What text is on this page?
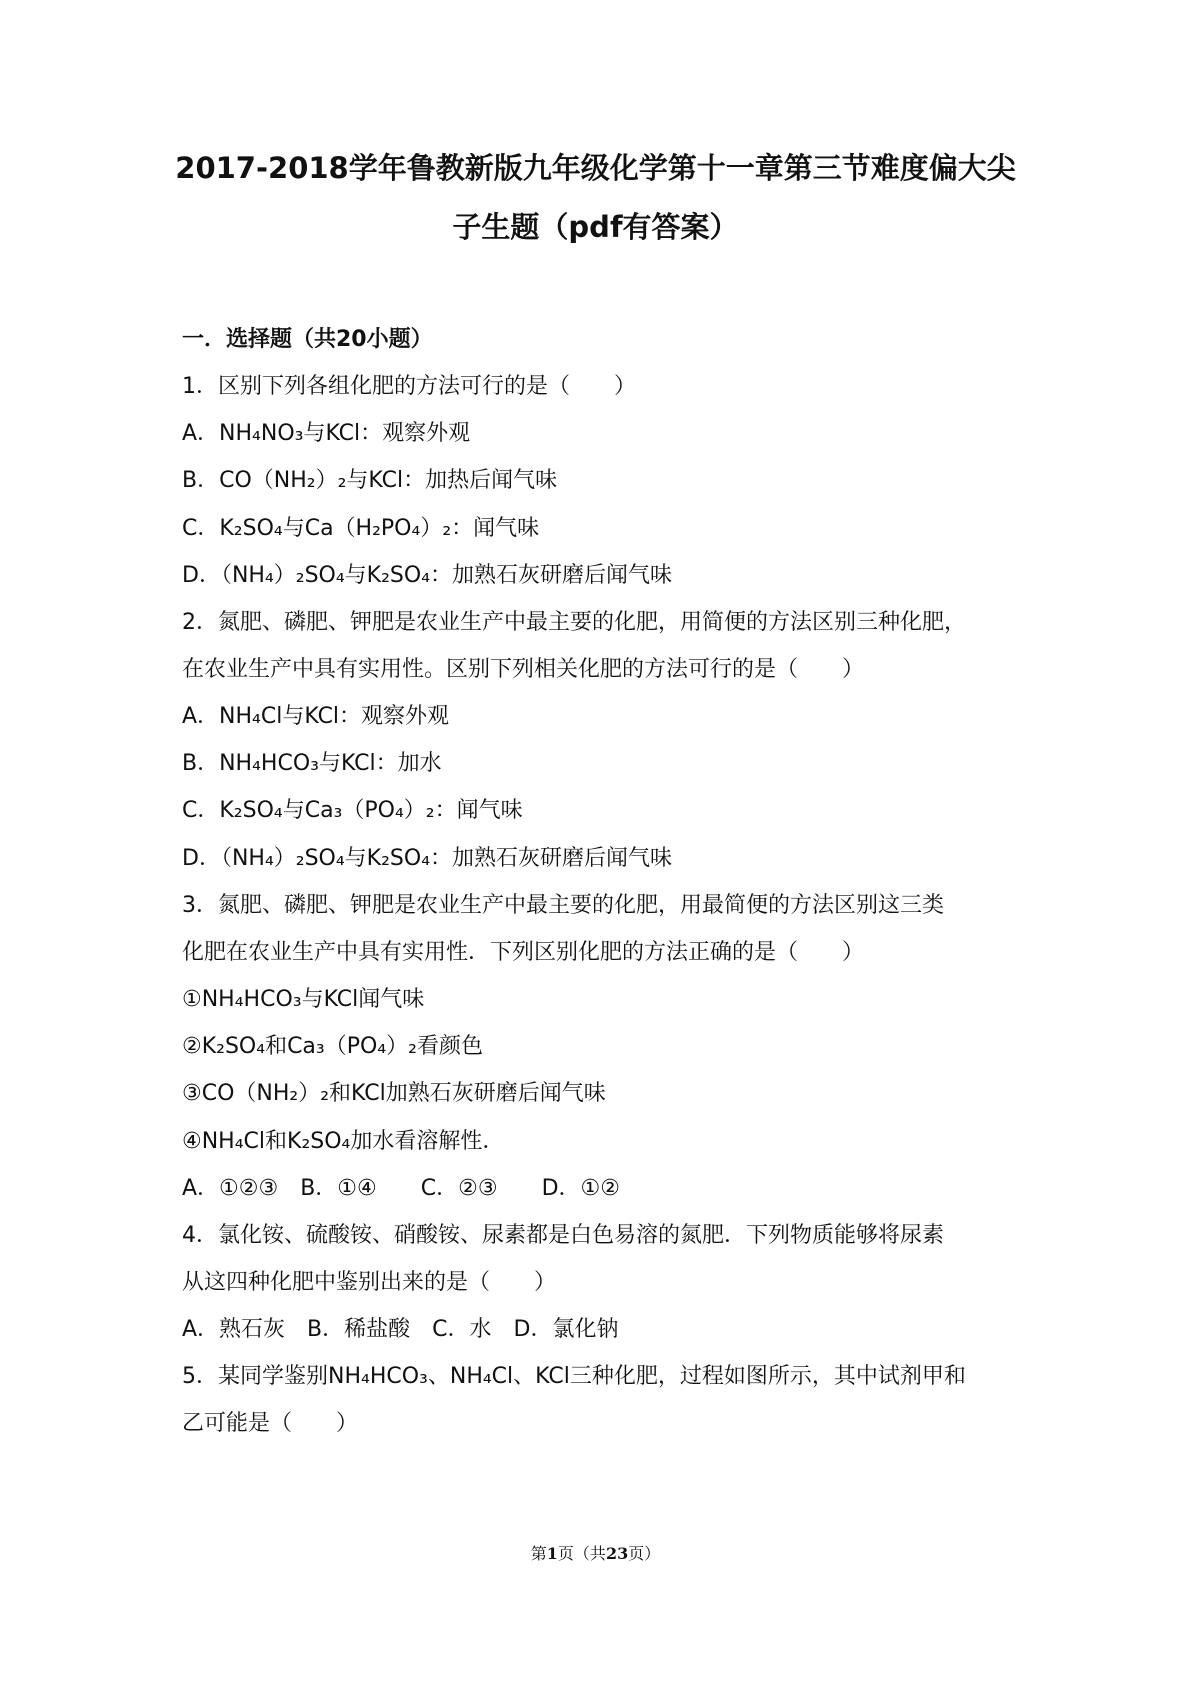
2017-2018学年鲁教新版九年级化学第十一章第三节难度偏大尖
子生题（pdf有答案）
一．选择题（共20小题）
1．区别下列各组化肥的方法可行的是（　　）
A．NH₄NO₃与KCl：观察外观
B．CO（NH₂）₂与KCl：加热后闻气味
C．K₂SO₄与Ca（H₂PO₄）₂：闻气味
D．（NH₄）₂SO₄与K₂SO₄：加熟石灰研磨后闻气味
2．氮肥、磷肥、钾肥是农业生产中最主要的化肥，用简便的方法区别三种化肥，
在农业生产中具有实用性。区别下列相关化肥的方法可行的是（　　）
A．NH₄Cl与KCl：观察外观
B．NH₄HCO₃与KCl：加水
C．K₂SO₄与Ca₃（PO₄）₂：闻气味
D．（NH₄）₂SO₄与K₂SO₄：加熟石灰研磨后闻气味
3．氮肥、磷肥、钾肥是农业生产中最主要的化肥，用最简便的方法区别这三类
化肥在农业生产中具有实用性．下列区别化肥的方法正确的是（　　）
①NH₄HCO₃与KCl闻气味
②K₂SO₄和Ca₃（PO₄）₂看颜色
③CO（NH₂）₂和KCl加熟石灰研磨后闻气味
④NH₄Cl和K₂SO₄加水看溶解性．
A．①②③　B．①④　　C．②③　　D．①②
4．氯化铵、硫酸铵、硝酸铵、尿素都是白色易溶的氮肥．下列物质能够将尿素
从这四种化肥中鉴别出来的是（　　）
A．熟石灰　B．稀盐酸　C．水　D．氯化钠
5．某同学鉴别NH₄HCO₃、NH₄Cl、KCl三种化肥，过程如图所示，其中试剂甲和
乙可能是（　　）
第1页（共23页）
